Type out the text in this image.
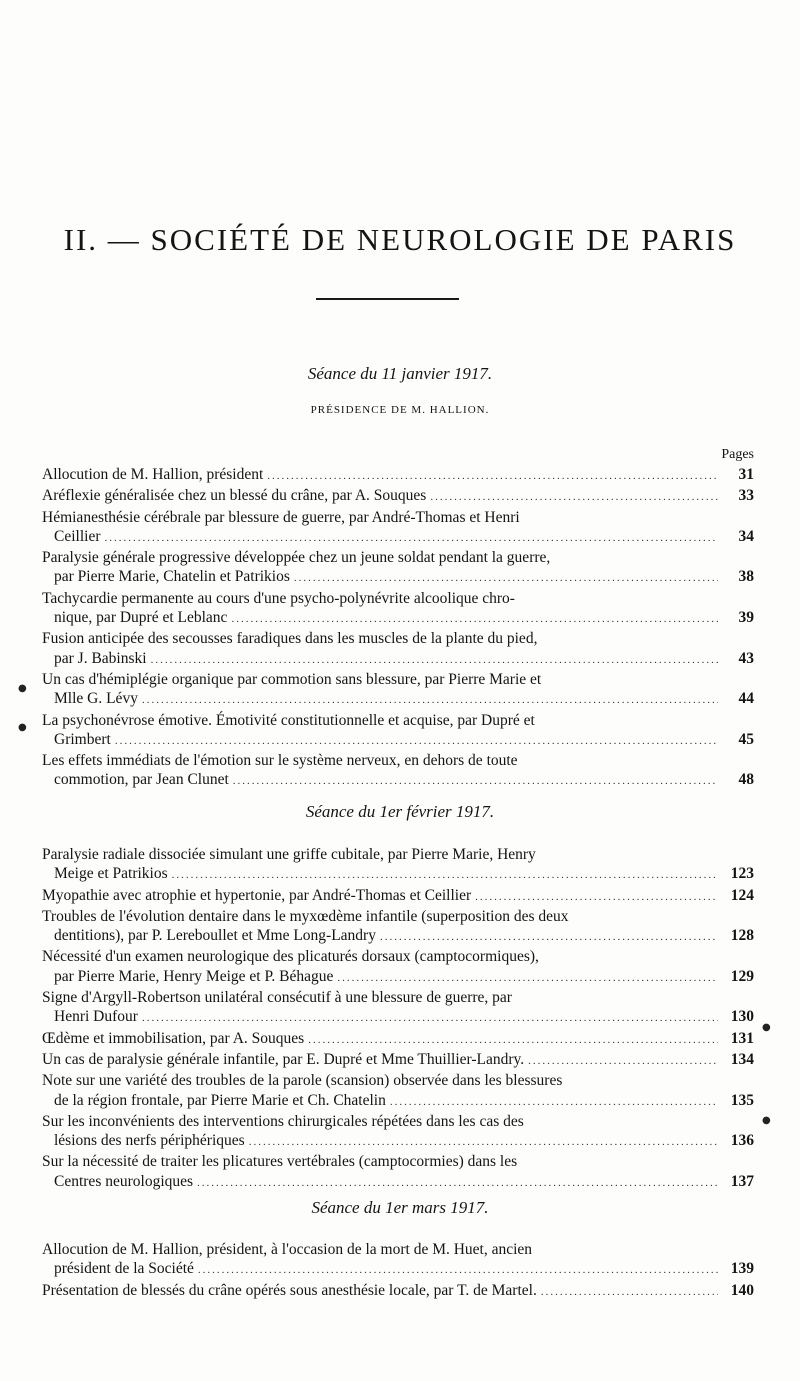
II. — SOCIÉTÉ DE NEUROLOGIE DE PARIS
Séance du 11 janvier 1917.
PRÉSIDENCE DE M. HALLION.
Pages
Allocution de M. Hallion, président .....	31
Aréflexie généralisée chez un blessé du crâne, par A. Souques .....	33
Hémianesthésie cérébrale par blessure de guerre, par André-Thomas et Henri
Ceillier .....	34
Paralysie générale progressive développée chez un jeune soldat pendant la guerre,
par Pierre Marie, Chatelin et Patrikios .....	38
Tachycardie permanente au cours d'une psycho-polynévrite alcoolique chro-
nique, par Dupré et Leblanc .....	39
Fusion anticipée des secousses faradiques dans les muscles de la plante du pied,
par J. Babinski .....	43
Un cas d'hémiplégie organique par commotion sans blessure, par Pierre Marie et
Mlle G. Lévy .....	44
La psychonévrose émotive. Émotivité constitutionnelle et acquise, par Dupré et
Grimbert .....	45
Les effets immédiats de l'émotion sur le système nerveux, en dehors de toute
commotion, par Jean Clunet .....	48
Séance du 1er février 1917.
Paralysie radiale dissociée simulant une griffe cubitale, par Pierre Marie, Henry
Meige et Patrikios .....	123
Myopathie avec atrophie et hypertonie, par André-Thomas et Ceillier .....	124
Troubles de l'évolution dentaire dans le myxœdème infantile (superposition des deux
dentitions), par P. Lereboullet et Mme Long-Landry .....	128
Nécessité d'un examen neurologique des plicaturés dorsaux (camptocormiques),
par Pierre Marie, Henry Meige et P. Béhague .....	129
Signe d'Argyll-Robertson unilatéral consécutif à une blessure de guerre, par
Henri Dufour .....	130
Œdème et immobilisation, par A. Souques .....	131
Un cas de paralysie générale infantile, par E. Dupré et Mme Thuillier-Landry. .....	134
Note sur une variété des troubles de la parole (scansion) observée dans les blessures
de la région frontale, par Pierre Marie et Ch. Chatelin .....	135
Sur les inconvénients des interventions chirurgicales répétées dans les cas des
lésions des nerfs périphériques .....	136
Sur la nécessité de traiter les plicatures vertébrales (camptocormies) dans les
Centres neurologiques .....	137
Séance du 1er mars 1917.
Allocution de M. Hallion, président, à l'occasion de la mort de M. Huet, ancien
président de la Société .....	139
Présentation de blessés du crâne opérés sous anesthésie locale, par T. de Martel. .....	140
●
●
●
●
